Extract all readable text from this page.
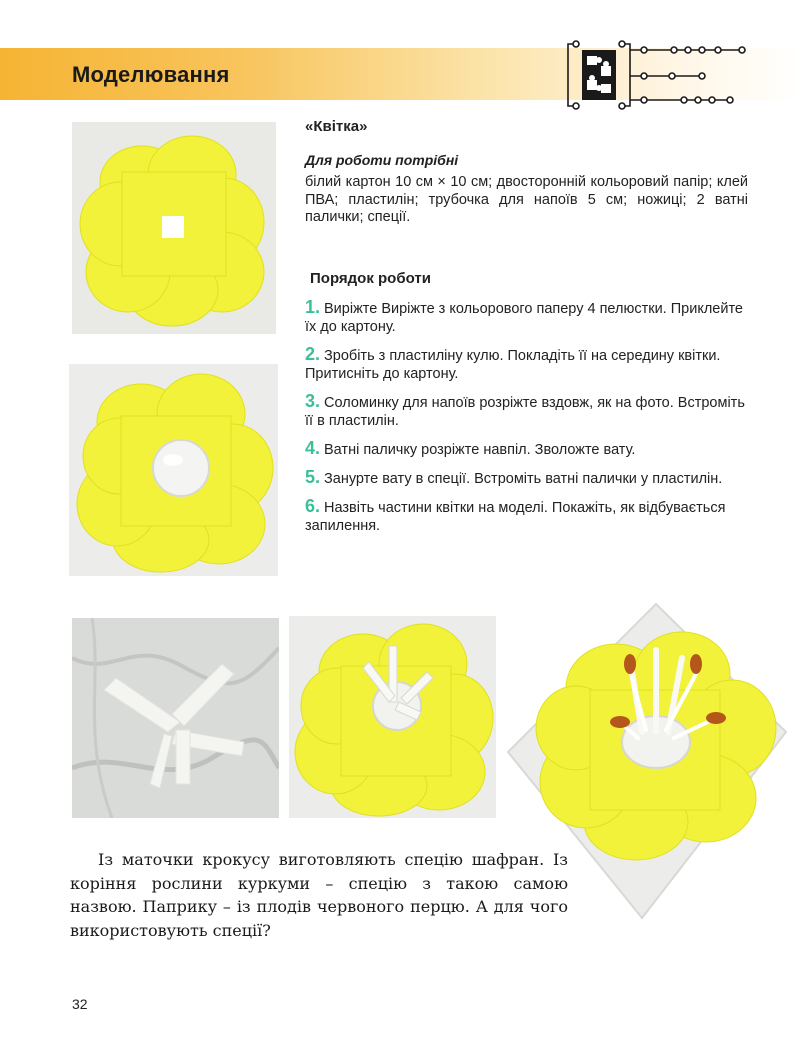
Моделювання

«Квітка»

Для роботи потрібні

білий картон 10 см × 10 см; двосторонній кольоровий папір; клей ПВА; пластилін; трубочка для напоїв 5 см; ножиці; 2 ватні палички; спеції.

Порядок роботи

1. Виріжте Виріжте з кольорового паперу 4 пелюстки. Приклейте їх до картону.
2. Зробіть з пластиліну кулю. Покладіть її на середину квітки. Притисніть до картону.
3. Соломинку для напоїв розріжте вздовж, як на фото. Встроміть її в пластилін.
4. Ватні паличку розріжте навпіл. Зволожте вату.
5. Занурте вату в спеції. Встроміть ватні палички у пластилін.
6. Назвіть частини квітки на моделі. Покажіть, як відбувається запилення.

Із маточки крокусу виготовляють спецію шафран. Із коріння рослини куркуми – спецію з такою самою назвою. Паприку – із плодів червоного перцю. А для чого використовують спеції?

32
